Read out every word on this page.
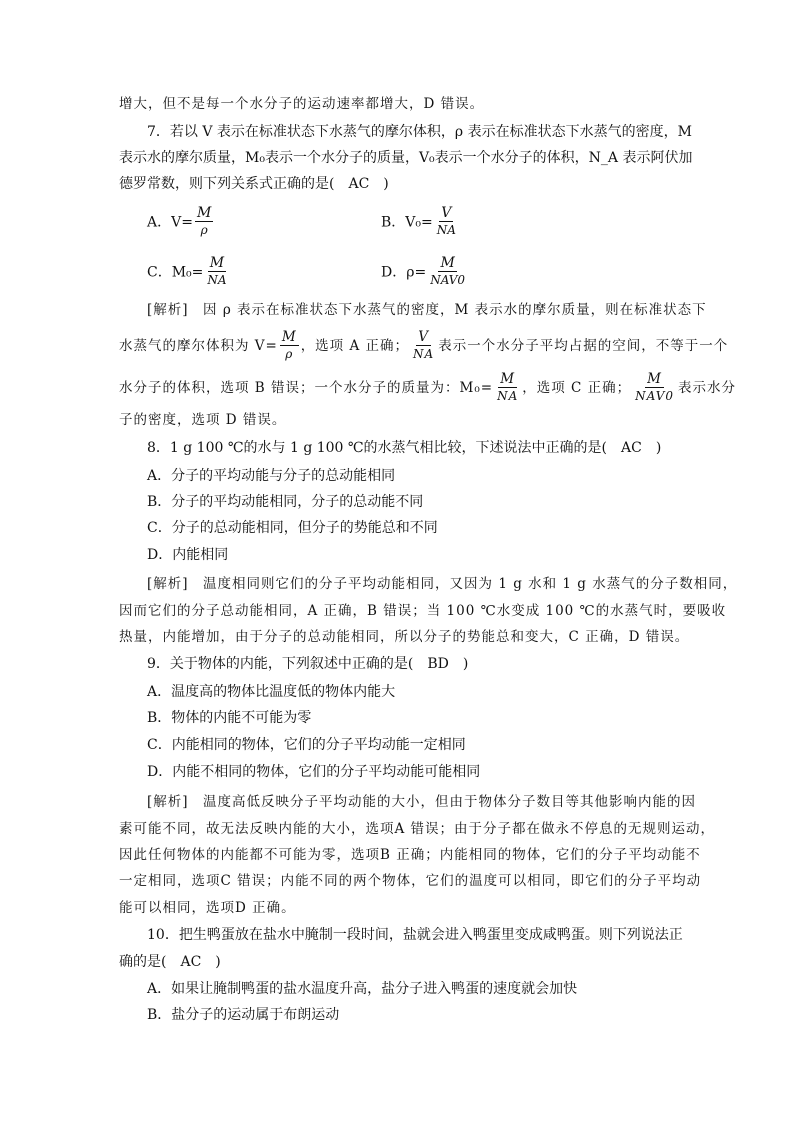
增大，但不是每一个水分子的运动速率都增大，D 错误。
7．若以 V 表示在标准状态下水蒸气的摩尔体积，ρ 表示在标准状态下水蒸气的密度，M
表示水的摩尔质量，M₀表示一个水分子的质量，V₀表示一个水分子的体积，N_A 表示阿伏加
德罗常数，则下列关系式正确的是(　AC　)
A．$V= \frac{M}{\rho}$	B．$V_0= \frac{V}{NA}$
C．$M_0= \frac{M}{NA}$	D．$\rho= \frac{M}{\text{NAV0}}$
[解析]　因 ρ 表示在标准状态下水蒸气的密度，M 表示水的摩尔质量，则在标准状态下
水蒸气的摩尔体积为 $V= \frac{M}{\rho}$ ，选项 A 正确； $\frac{V}{NA}$ 表示一个水分子平均占据的空间，不等于一个
水分子的体积，选项 B 错误；一个水分子的质量为：$M_0= \frac{M}{NA}$ ，选项 C 正确； $\frac{M}{\text{NAV0}}$ 表示水分
子的密度，选项 D 错误。
8．1 g 100 ℃的水与 1 g 100 ℃的水蒸气相比较，下述说法中正确的是(　AC　)
A．分子的平均动能与分子的总动能相同
B．分子的平均动能相同，分子的总动能不同
C．分子的总动能相同，但分子的势能总和不同
D．内能相同
[解析]　温度相同则它们的分子平均动能相同，又因为 1 g 水和 1 g 水蒸气的分子数相同，
因而它们的分子总动能相同，A 正确，B 错误；当 100 ℃水变成 100 ℃的水蒸气时，要吸收
热量，内能增加，由于分子的总动能相同，所以分子的势能总和变大，C 正确，D 错误。
9．关于物体的内能，下列叙述中正确的是(　BD　)
A．温度高的物体比温度低的物体内能大
B．物体的内能不可能为零
C．内能相同的物体，它们的分子平均动能一定相同
D．内能不相同的物体，它们的分子平均动能可能相同
[解析]　温度高低反映分子平均动能的大小，但由于物体分子数目等其他影响内能的因
素可能不同，故无法反映内能的大小，选项A 错误；由于分子都在做永不停息的无规则运动，
因此任何物体的内能都不可能为零，选项B 正确；内能相同的物体，它们的分子平均动能不
一定相同，选项C 错误；内能不同的两个物体，它们的温度可以相同，即它们的分子平均动
能可以相同，选项D 正确。
10．把生鸭蛋放在盐水中腌制一段时间，盐就会进入鸭蛋里变成咸鸭蛋。则下列说法正
确的是(　AC　)
A．如果让腌制鸭蛋的盐水温度升高，盐分子进入鸭蛋的速度就会加快
B．盐分子的运动属于布朗运动
